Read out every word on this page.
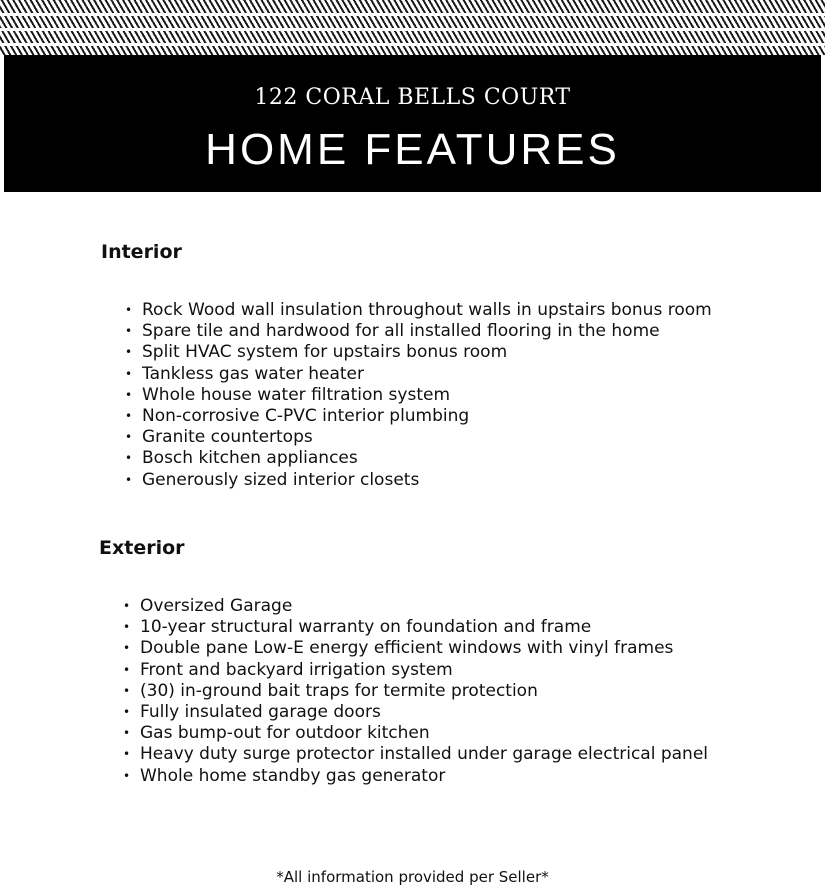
122 CORAL BELLS COURT
HOME FEATURES
Interior
• Rock Wood wall insulation throughout walls in upstairs bonus room
• Spare tile and hardwood for all installed flooring in the home
• Split HVAC system for upstairs bonus room
• Tankless gas water heater
• Whole house water filtration system
• Non-corrosive C-PVC interior plumbing
• Granite countertops
• Bosch kitchen appliances
• Generously sized interior closets
Exterior
• Oversized Garage
• 10-year structural warranty on foundation and frame
• Double pane Low-E energy efficient windows with vinyl frames
• Front and backyard irrigation system
• (30) in-ground bait traps for termite protection
• Fully insulated garage doors
• Gas bump-out for outdoor kitchen
• Heavy duty surge protector installed under garage electrical panel
• Whole home standby gas generator
*All information provided per Seller*
